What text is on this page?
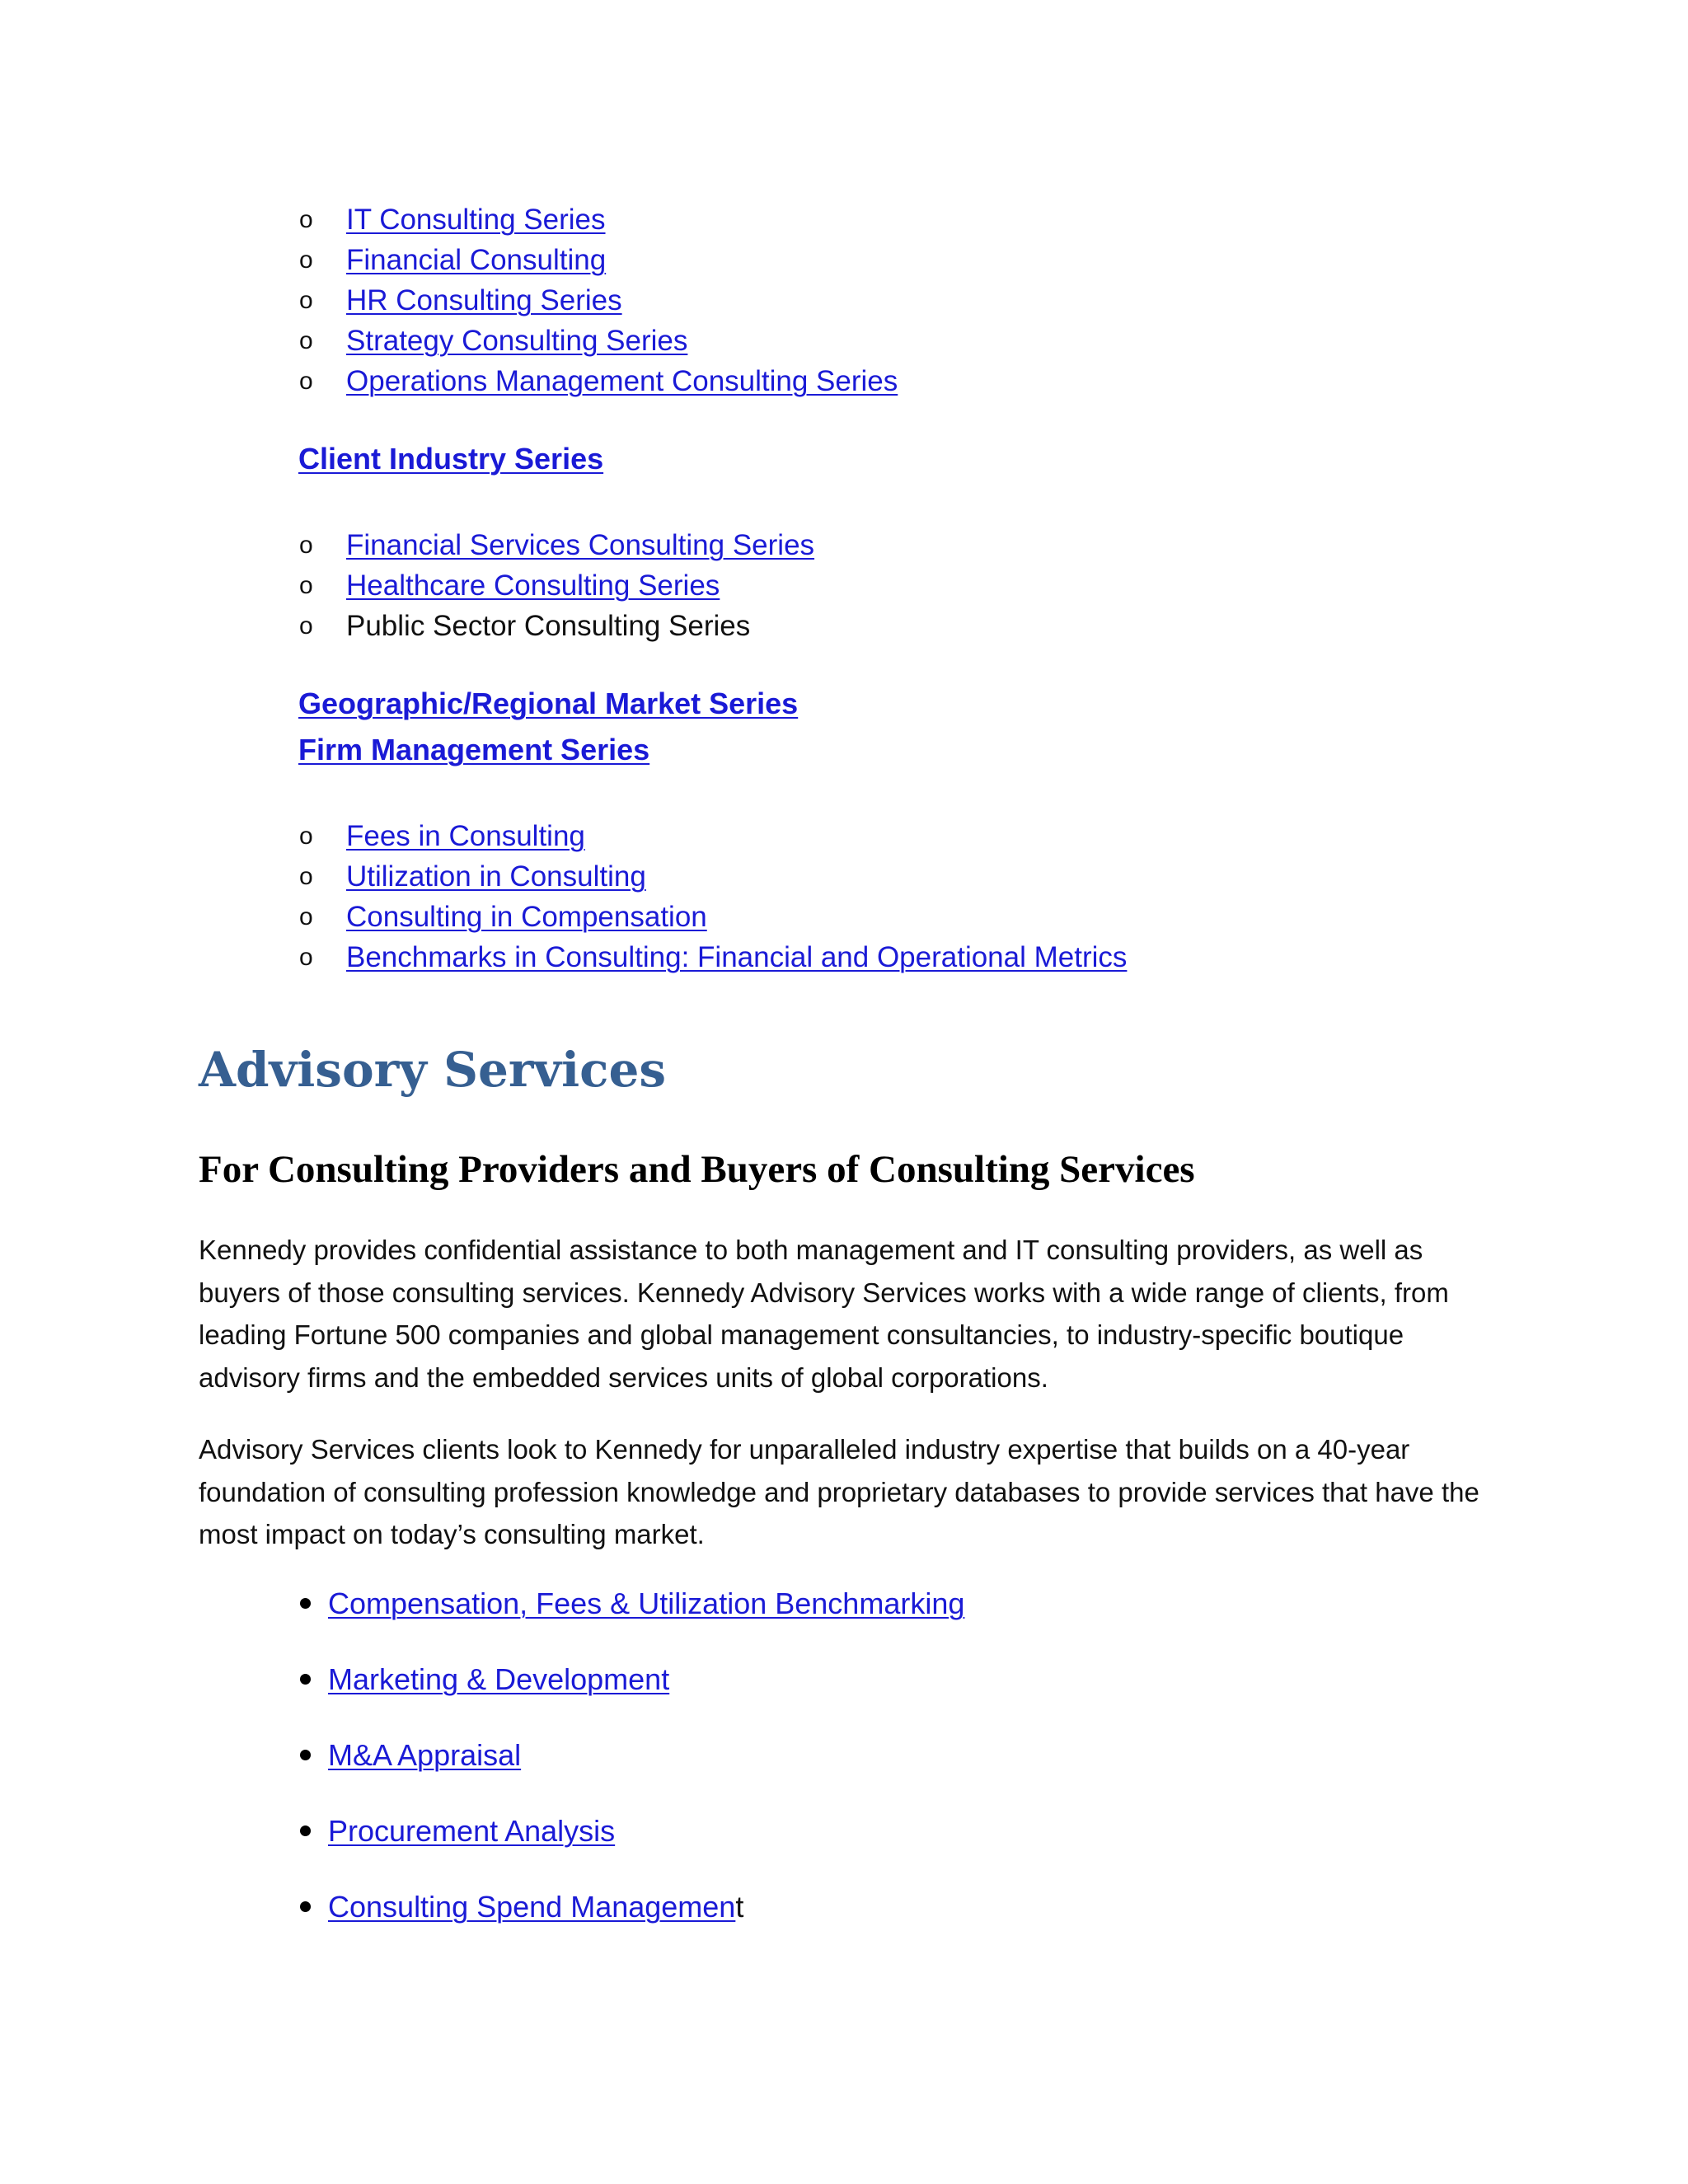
o IT Consulting Series
o Financial Consulting
o HR Consulting Series
o Strategy Consulting Series
o Operations Management Consulting Series
Client Industry Series
o Financial Services Consulting Series
o Healthcare Consulting Series
o Public Sector Consulting Series
Geographic/Regional Market Series
Firm Management Series
o Fees in Consulting
o Utilization in Consulting
o Consulting in Compensation
o Benchmarks in Consulting: Financial and Operational Metrics
Advisory Services
For Consulting Providers and Buyers of Consulting Services

Kennedy provides confidential assistance to both management and IT consulting providers, as well as buyers of those consulting services. Kennedy Advisory Services works with a wide range of clients, from leading Fortune 500 companies and global management consultancies, to industry-specific boutique advisory firms and the embedded services units of global corporations.

Advisory Services clients look to Kennedy for unparalleled industry expertise that builds on a 40-year foundation of consulting profession knowledge and proprietary databases to provide services that have the most impact on today’s consulting market.

Compensation, Fees & Utilization Benchmarking
Marketing & Development
M&A Appraisal
Procurement Analysis
Consulting Spend Management
